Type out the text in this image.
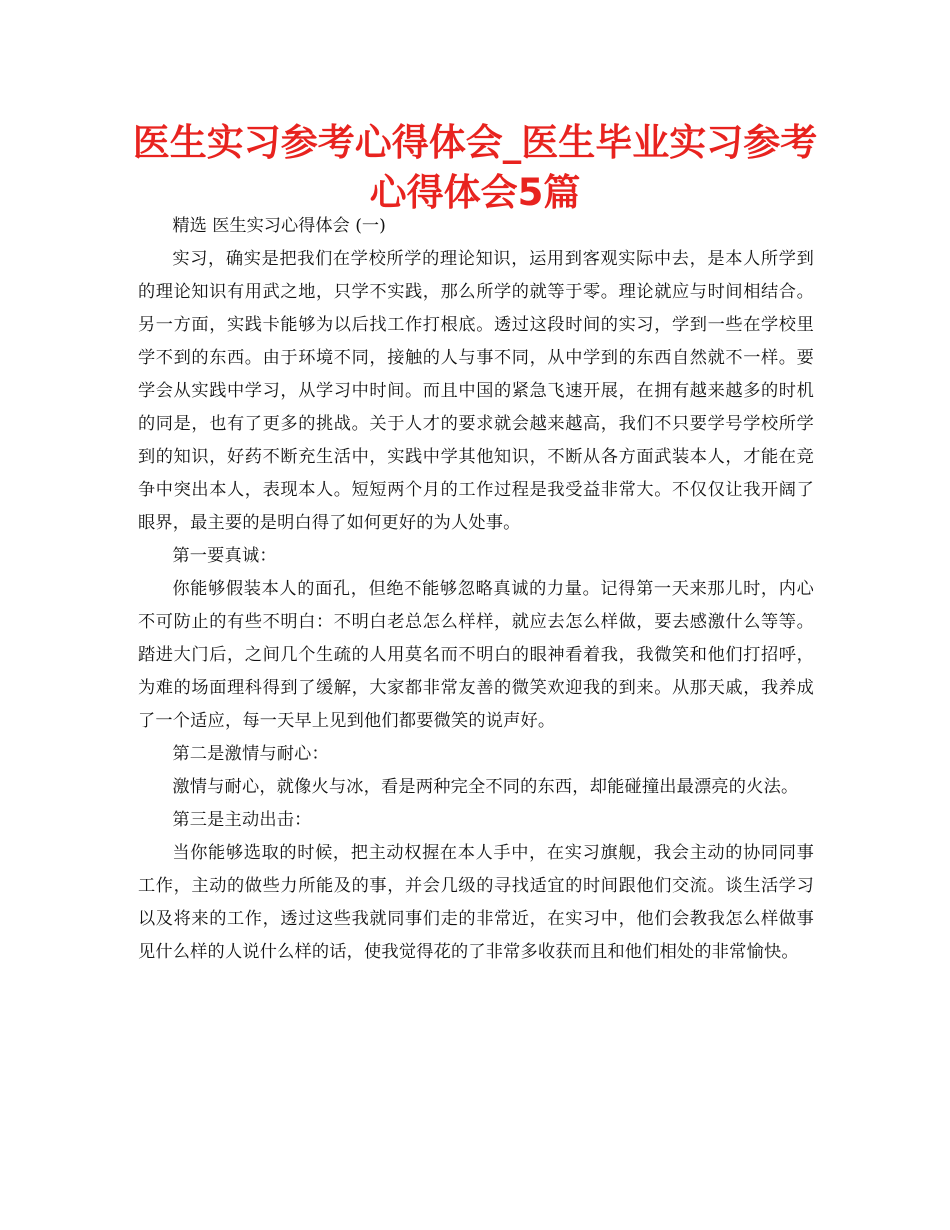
医生实习参考心得体会_医生毕业实习参考心得体会5篇

精选 医生实习心得体会 (一)

实习，确实是把我们在学校所学的理论知识，运用到客观实际中去，是本人所学到的理论知识有用武之地，只学不实践，那么所学的就等于零。理论就应与时间相结合。另一方面，实践卡能够为以后找工作打根底。透过这段时间的实习，学到一些在学校里学不到的东西。由于环境不同，接触的人与事不同，从中学到的东西自然就不一样。要学会从实践中学习，从学习中时间。而且中国的紧急飞速开展，在拥有越来越多的时机的同是，也有了更多的挑战。关于人才的要求就会越来越高，我们不只要学号学校所学到的知识，好药不断充生活中，实践中学其他知识，不断从各方面武装本人，才能在竞争中突出本人，表现本人。短短两个月的工作过程是我受益非常大。不仅仅让我开阔了眼界，最主要的是明白得了如何更好的为人处事。

第一要真诚：

你能够假装本人的面孔，但绝不能够忽略真诚的力量。记得第一天来那儿时，内心不可防止的有些不明白：不明白老总怎么样样，就应去怎么样做，要去感激什么等等。踏进大门后，之间几个生疏的人用莫名而不明白的眼神看着我，我微笑和他们打招呼，为难的场面理科得到了缓解，大家都非常友善的微笑欢迎我的到来。从那天戚，我养成了一个适应，每一天早上见到他们都要微笑的说声好。

第二是激情与耐心：

激情与耐心，就像火与冰，看是两种完全不同的东西，却能碰撞出最漂亮的火法。

第三是主动出击：

当你能够选取的时候，把主动权握在本人手中，在实习旗舰，我会主动的协同同事工作，主动的做些力所能及的事，并会几级的寻找适宜的时间跟他们交流。谈生活学习以及将来的工作，透过这些我就同事们走的非常近，在实习中，他们会教我怎么样做事见什么样的人说什么样的话，使我觉得花的了非常多收获而且和他们相处的非常愉快。
